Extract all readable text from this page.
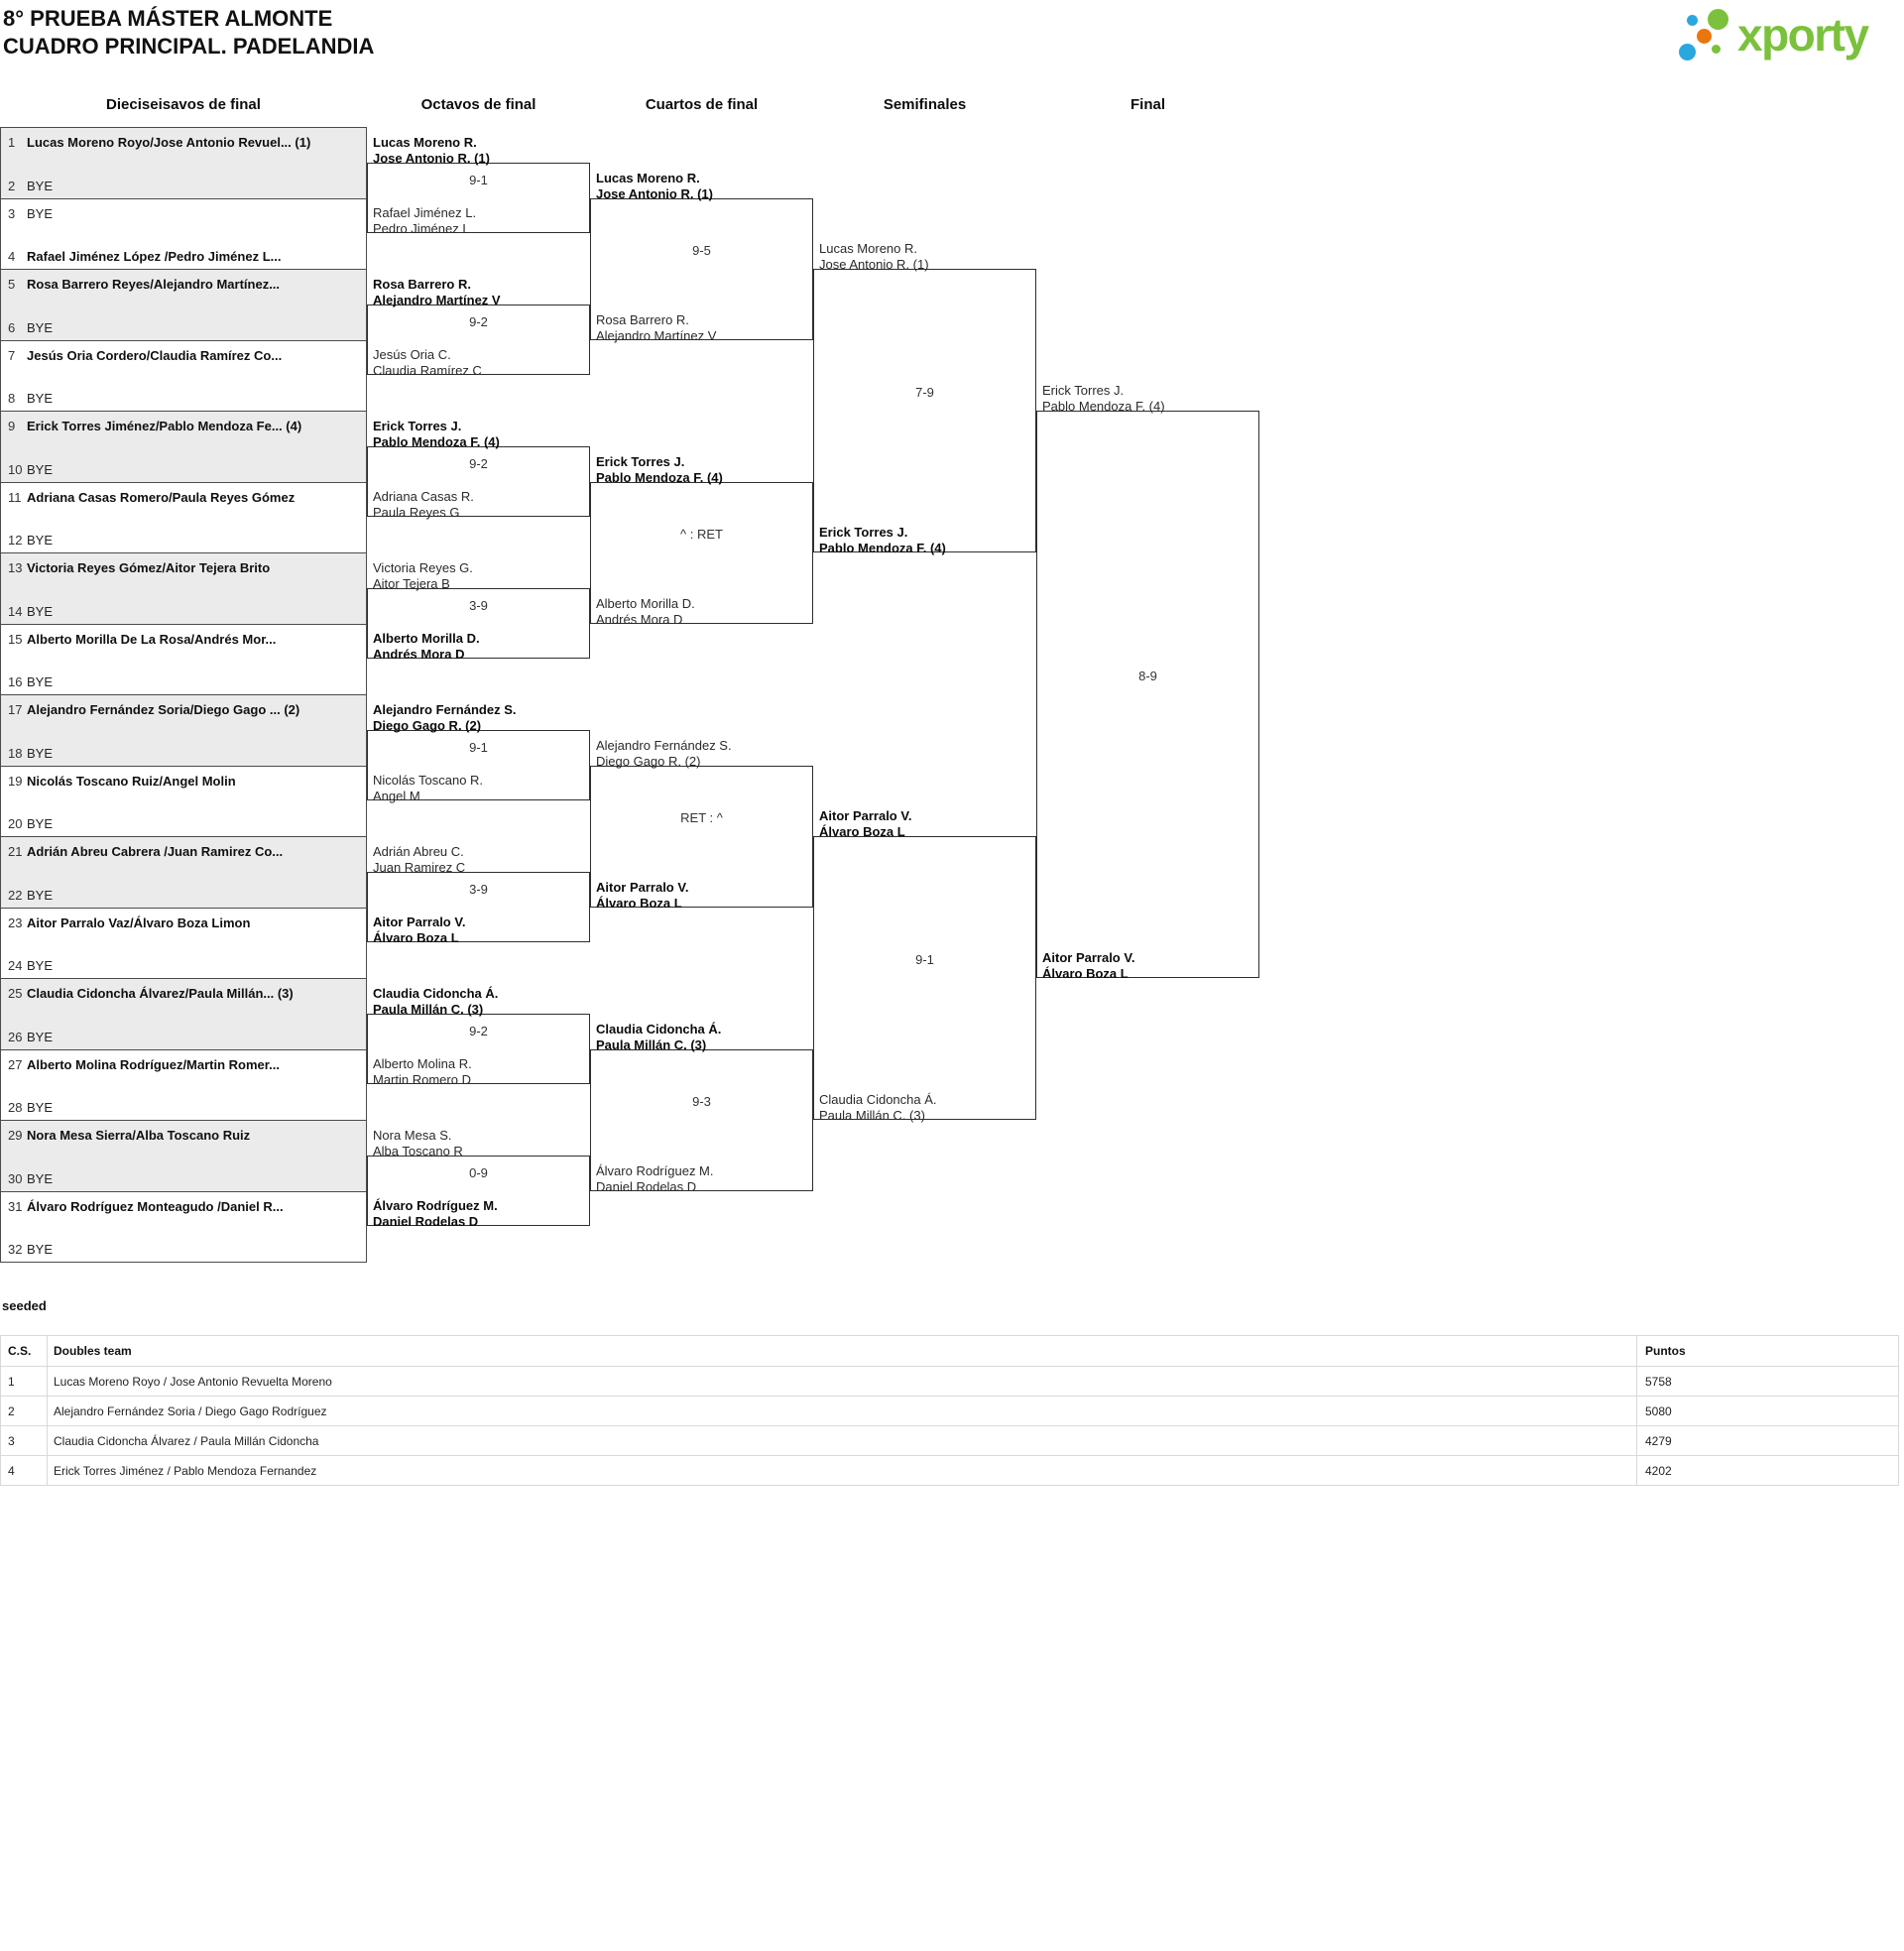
8° PRUEBA MÁSTER ALMONTE
CUADRO PRINCIPAL. PADELANDIA	xporty
Dieciseisavos de final	Octavos de final	Cuartos de final	Semifinales	Final
1 Lucas Moreno Royo/Jose Antonio Revuel... (1)
2 BYE
3 BYE
4 Rafael Jiménez López /Pedro Jiménez L...
5 Rosa Barrero Reyes/Alejandro Martínez...
6 BYE
7 Jesús Oria Cordero/Claudia Ramírez Co...
8 BYE
9 Erick Torres Jiménez/Pablo Mendoza Fe... (4)
10 BYE
11 Adriana Casas Romero/Paula Reyes Gómez
12 BYE
13 Victoria Reyes Gómez/Aitor Tejera Brito
14 BYE
15 Alberto Morilla De La Rosa/Andrés Mor...
16 BYE
17 Alejandro Fernández Soria/Diego Gago ... (2)
18 BYE
19 Nicolás Toscano Ruiz/Angel Molin
20 BYE
21 Adrián Abreu Cabrera /Juan Ramirez Co...
22 BYE
23 Aitor Parralo Vaz/Álvaro Boza Limon
24 BYE
25 Claudia Cidoncha Álvarez/Paula Millán... (3)
26 BYE
27 Alberto Molina Rodríguez/Martin Romer...
28 BYE
29 Nora Mesa Sierra/Alba Toscano Ruiz
30 BYE
31 Álvaro Rodríguez Monteagudo /Daniel R...
32 BYE
Lucas Moreno R.
Jose Antonio R. (1)
Rafael Jiménez L.
Pedro Jiménez L
9-1
Rosa Barrero R.
Alejandro Martínez V
Jesús Oria C.
Claudia Ramírez C
9-2
Erick Torres J.
Pablo Mendoza F. (4)
Adriana Casas R.
Paula Reyes G
9-2
Victoria Reyes G.
Aitor Tejera B
Alberto Morilla D.
Andrés Mora D
3-9
Alejandro Fernández S.
Diego Gago R. (2)
Nicolás Toscano R.
Angel M
9-1
Adrián Abreu C.
Juan Ramirez C
Aitor Parralo V.
Álvaro Boza L
3-9
Claudia Cidoncha Á.
Paula Millán C. (3)
Alberto Molina R.
Martin Romero D
9-2
Nora Mesa S.
Alba Toscano R
Álvaro Rodríguez M.
Daniel Rodelas D
0-9
Lucas Moreno R.
Jose Antonio R. (1)
Rosa Barrero R.
Alejandro Martínez V
9-5
Erick Torres J.
Pablo Mendoza F. (4)
Alberto Morilla D.
Andrés Mora D
^ : RET
Alejandro Fernández S.
Diego Gago R. (2)
Aitor Parralo V.
Álvaro Boza L
RET : ^
Claudia Cidoncha Á.
Paula Millán C. (3)
Álvaro Rodríguez M.
Daniel Rodelas D
9-3
Lucas Moreno R.
Jose Antonio R. (1)
Erick Torres J.
Pablo Mendoza F. (4)
7-9
Aitor Parralo V.
Álvaro Boza L
Claudia Cidoncha Á.
Paula Millán C. (3)
9-1
Erick Torres J.
Pablo Mendoza F. (4)
Aitor Parralo V.
Álvaro Boza L
8-9
seeded
C.S.	Doubles team	Puntos
1	Lucas Moreno Royo / Jose Antonio Revuelta Moreno	5758
2	Alejandro Fernández Soria / Diego Gago Rodríguez	5080
3	Claudia Cidoncha Álvarez / Paula Millán Cidoncha	4279
4	Erick Torres Jiménez / Pablo Mendoza Fernandez	4202
